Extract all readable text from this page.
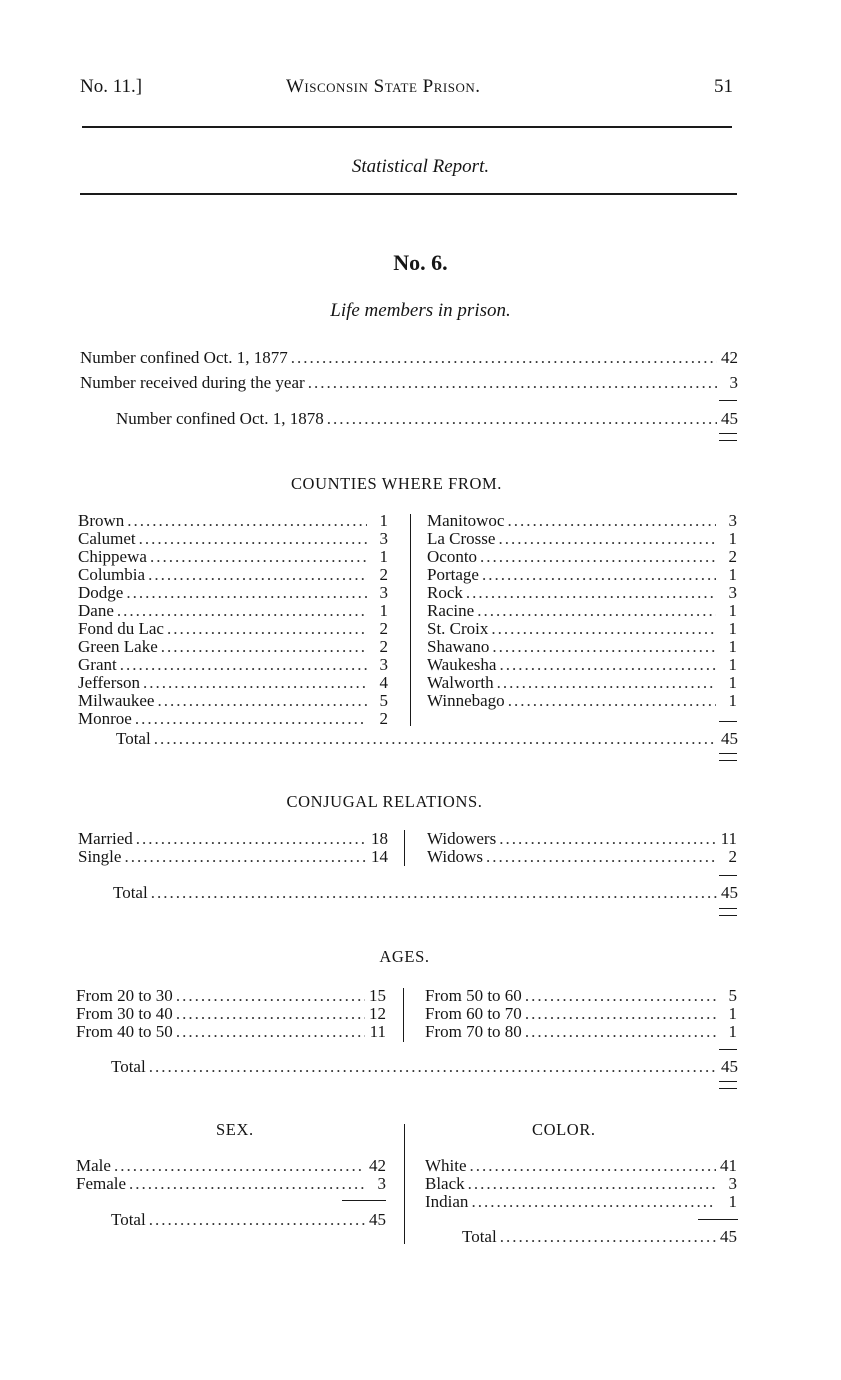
No. 11.]	Wisconsin State Prison.	51
Statistical Report.
No. 6.
Life members in prison.
Number confined Oct. 1, 1877 .....	42
Number received during the year .....	3
Number confined Oct. 1, 1878 .....	45
COUNTIES WHERE FROM.
Brown .....	1
Calumet .....	3
Chippewa .....	1
Columbia .....	2
Dodge .....	3
Dane .....	1
Fond du Lac .....	2
Green Lake .....	2
Grant .....	3
Jefferson .....	4
Milwaukee .....	5
Monroe .....	2
Manitowoc .....	3
La Crosse .....	1
Oconto .....	2
Portage .....	1
Rock .....	3
Racine .....	1
St. Croix .....	1
Shawano .....	1
Waukesha .....	1
Walworth .....	1
Winnebago .....	1
Total .....	45
CONJUGAL RELATIONS.
Married .....	18
Single .....	14
Widowers .....	11
Widows .....	2
Total .....	45
AGES.
From 20 to 30 .....	15
From 30 to 40 .....	12
From 40 to 50 .....	11
From 50 to 60 .....	5
From 60 to 70 .....	1
From 70 to 80 .....	1
Total .....	45
SEX.	COLOR.
Male .....	42
Female .....	3
Total .....	45
White .....	41
Black .....	3
Indian .....	1
Total .....	45
